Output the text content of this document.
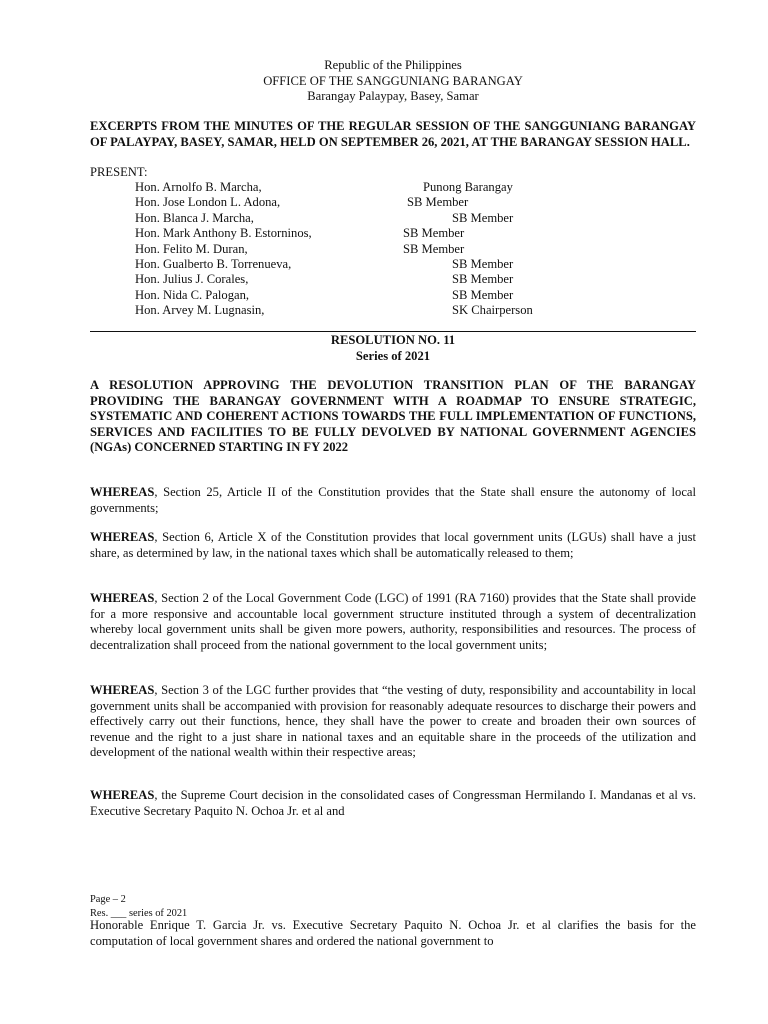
Republic of the Philippines
OFFICE OF THE SANGGUNIANG BARANGAY
Barangay Palaypay, Basey, Samar
EXCERPTS FROM THE MINUTES OF THE REGULAR SESSION OF THE SANGGUNIANG BARANGAY OF PALAYPAY, BASEY, SAMAR, HELD ON SEPTEMBER 26, 2021, AT THE BARANGAY SESSION HALL.
PRESENT:
Hon. Arnolfo B. Marcha,	Punong Barangay
Hon. Jose London L. Adona,	SB Member
Hon. Blanca J. Marcha,	SB Member
Hon. Mark Anthony B. Estorninos,	SB Member
Hon. Felito M. Duran,	SB Member
Hon. Gualberto B. Torrenueva,	SB Member
Hon. Julius J. Corales,	SB Member
Hon. Nida C. Palogan,	SB Member
Hon. Arvey M. Lugnasin,	SK Chairperson
RESOLUTION NO. 11
Series of 2021
A RESOLUTION APPROVING THE DEVOLUTION TRANSITION PLAN OF THE BARANGAY PROVIDING THE BARANGAY GOVERNMENT WITH A ROADMAP TO ENSURE STRATEGIC, SYSTEMATIC AND COHERENT ACTIONS TOWARDS THE FULL IMPLEMENTATION OF FUNCTIONS, SERVICES AND FACILITIES TO BE FULLY DEVOLVED BY NATIONAL GOVERNMENT AGENCIES (NGAs) CONCERNED STARTING IN FY 2022
WHEREAS, Section 25, Article II of the Constitution provides that the State shall ensure the autonomy of local governments;
WHEREAS, Section 6, Article X of the Constitution provides that local government units (LGUs) shall have a just share, as determined by law, in the national taxes which shall be automatically released to them;
WHEREAS, Section 2 of the Local Government Code (LGC) of 1991 (RA 7160) provides that the State shall provide for a more responsive and accountable local government structure instituted through a system of decentralization whereby local government units shall be given more powers, authority, responsibilities and resources. The process of decentralization shall proceed from the national government to the local government units;
WHEREAS, Section 3 of the LGC further provides that “the vesting of duty, responsibility and accountability in local government units shall be accompanied with provision for reasonably adequate resources to discharge their powers and effectively carry out their functions, hence, they shall have the power to create and broaden their own sources of revenue and the right to a just share in national taxes and an equitable share in the proceeds of the utilization and development of the national wealth within their respective areas;
WHEREAS, the Supreme Court decision in the consolidated cases of Congressman Hermilando I. Mandanas et al vs. Executive Secretary Paquito N. Ochoa Jr. et al and
Page – 2
Res. ___ series of 2021
Honorable Enrique T. Garcia Jr. vs. Executive Secretary Paquito N. Ochoa Jr. et al clarifies the basis for the computation of local government shares and ordered the national government to
